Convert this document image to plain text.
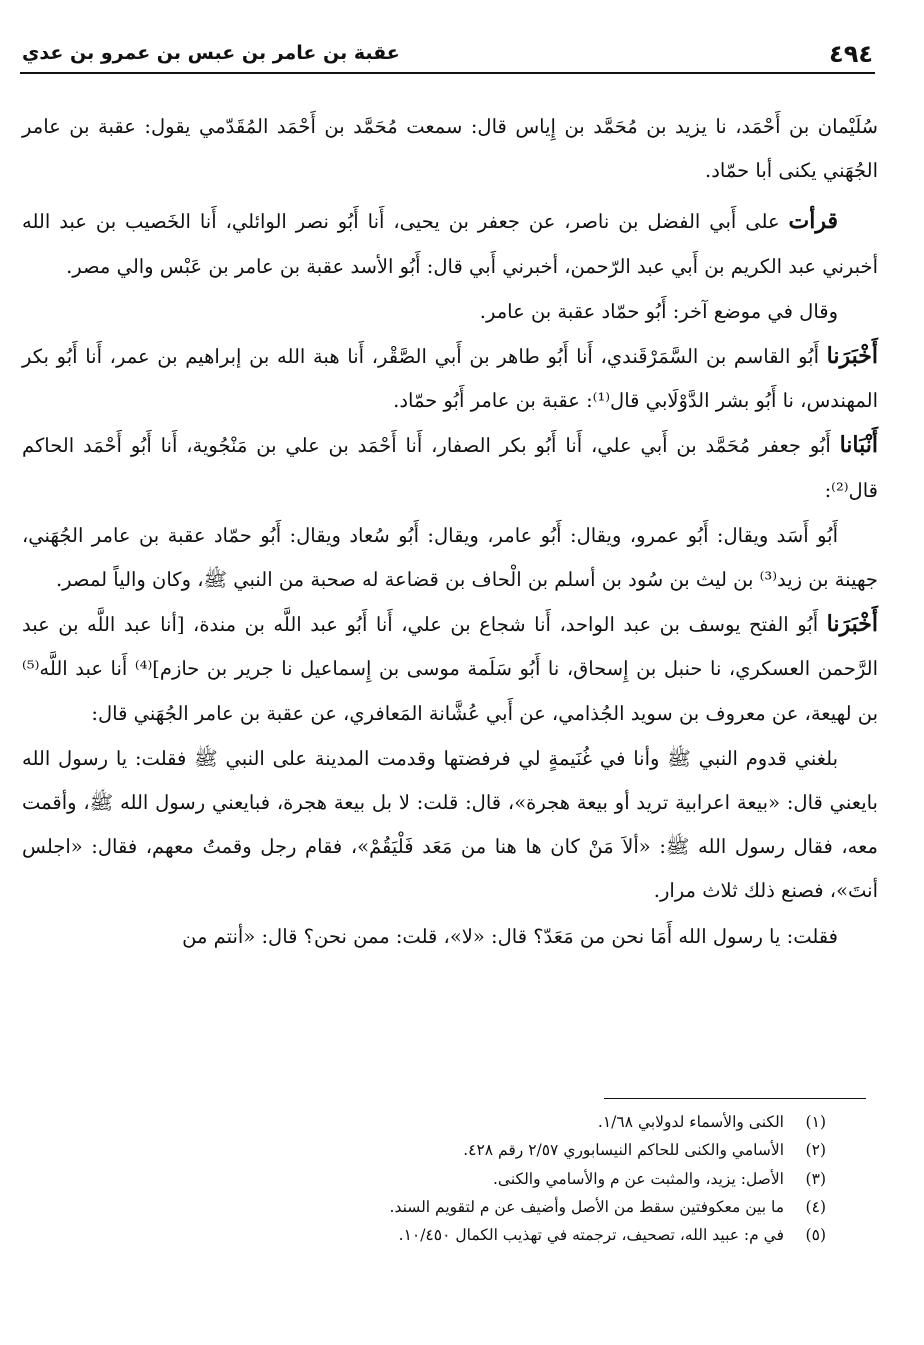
٤٩٤
عقبة بن عامر بن عبس بن عمرو بن عدي

سُلَيْمان بن أَحْمَد، نا يزيد بن مُحَمَّد بن إِياس قال: سمعت مُحَمَّد بن أَحْمَد المُقَدّمي يقول: عقبة بن عامر الجُهَني يكنى أبا حمّاد.

قرأت على أَبي الفضل بن ناصر، عن جعفر بن يحيى، أَنا أَبُو نصر الوائلي، أَنا الخَصيب بن عبد الله أخبرني عبد الكريم بن أَبي عبد الرّحمن، أخبرني أَبي قال: أَبُو الأسد عقبة بن عامر بن عَبْس والي مصر.

وقال في موضع آخر: أَبُو حمّاد عقبة بن عامر.

أَخْبَرَنا أَبُو القاسم بن السَّمَرْقَندي، أَنا أَبُو طاهر بن أَبي الصَّقْر، أَنا هبة الله بن إبراهيم بن عمر، أَنا أَبُو بكر المهندس، نا أَبُو بشر الدَّوْلَابي قال⁽¹⁾: عقبة بن عامر أَبُو حمّاد.

أَنْبَانا أَبُو جعفر مُحَمَّد بن أَبي علي، أَنا أَبُو بكر الصفار، أَنا أَحْمَد بن علي بن مَنْجُوية، أَنا أَبُو أَحْمَد الحاكم قال⁽²⁾:

أَبُو أَسَد ويقال: أَبُو عمرو، ويقال: أَبُو عامر، ويقال: أَبُو سُعاد ويقال: أَبُو حمّاد عقبة بن عامر الجُهَني، جهينة بن زيد⁽³⁾ بن ليث بن سُود بن أسلم بن الْحاف بن قضاعة له صحبة من النبي ﷺ، وكان والياً لمصر.

أَخْبَرَنا أَبُو الفتح يوسف بن عبد الواحد، أَنا شجاع بن علي، أَنا أَبُو عبد اللَّه بن مندة، [أنا عبد اللَّه بن عبد الرَّحمن العسكري، نا حنبل بن إِسحاق، نا أَبُو سَلَمة موسى بن إِسماعيل نا جرير بن حازم]⁽⁴⁾ أَنا عبد اللَّه⁽⁵⁾ بن لهيعة، عن معروف بن سويد الجُذامي، عن أَبي عُشَّانة المَعافري، عن عقبة بن عامر الجُهَني قال:

بلغني قدوم النبي ﷺ وأنا في غُنَيمةٍ لي فرفضتها وقدمت المدينة على النبي ﷺ فقلت: يا رسول الله بايعني قال: «بيعة اعرابية تريد أو بيعة هجرة»، قال: قلت: لا بل بيعة هجرة، فبايعني رسول الله ﷺ، وأقمت معه، فقال رسول الله ﷺ: «ألاَ مَنْ كان ها هنا من مَعَد فَلْيَقُمْ»، فقام رجل وقمتُ معهم، فقال: «اجلس أنتَ»، فصنع ذلك ثلاث مرار.

فقلت: يا رسول الله أَمَا نحن من مَعَدّ؟ قال: «لا»، قلت: ممن نحن؟ قال: «أنتم من

(١)الكنى والأسماء لدولابي ١/٦٨.

(٢)الأسامي والكنى للحاكم النيسابوري ٢/٥٧ رقم ٤٢٨.

(٣)الأصل: يزيد، والمثبت عن م والأسامي والكنى.

(٤)ما بين معكوفتين سقط من الأصل وأضيف عن م لتقويم السند.

(٥)في م: عبيد الله، تصحيف، ترجمته في تهذيب الكمال ١٠/٤٥٠.
